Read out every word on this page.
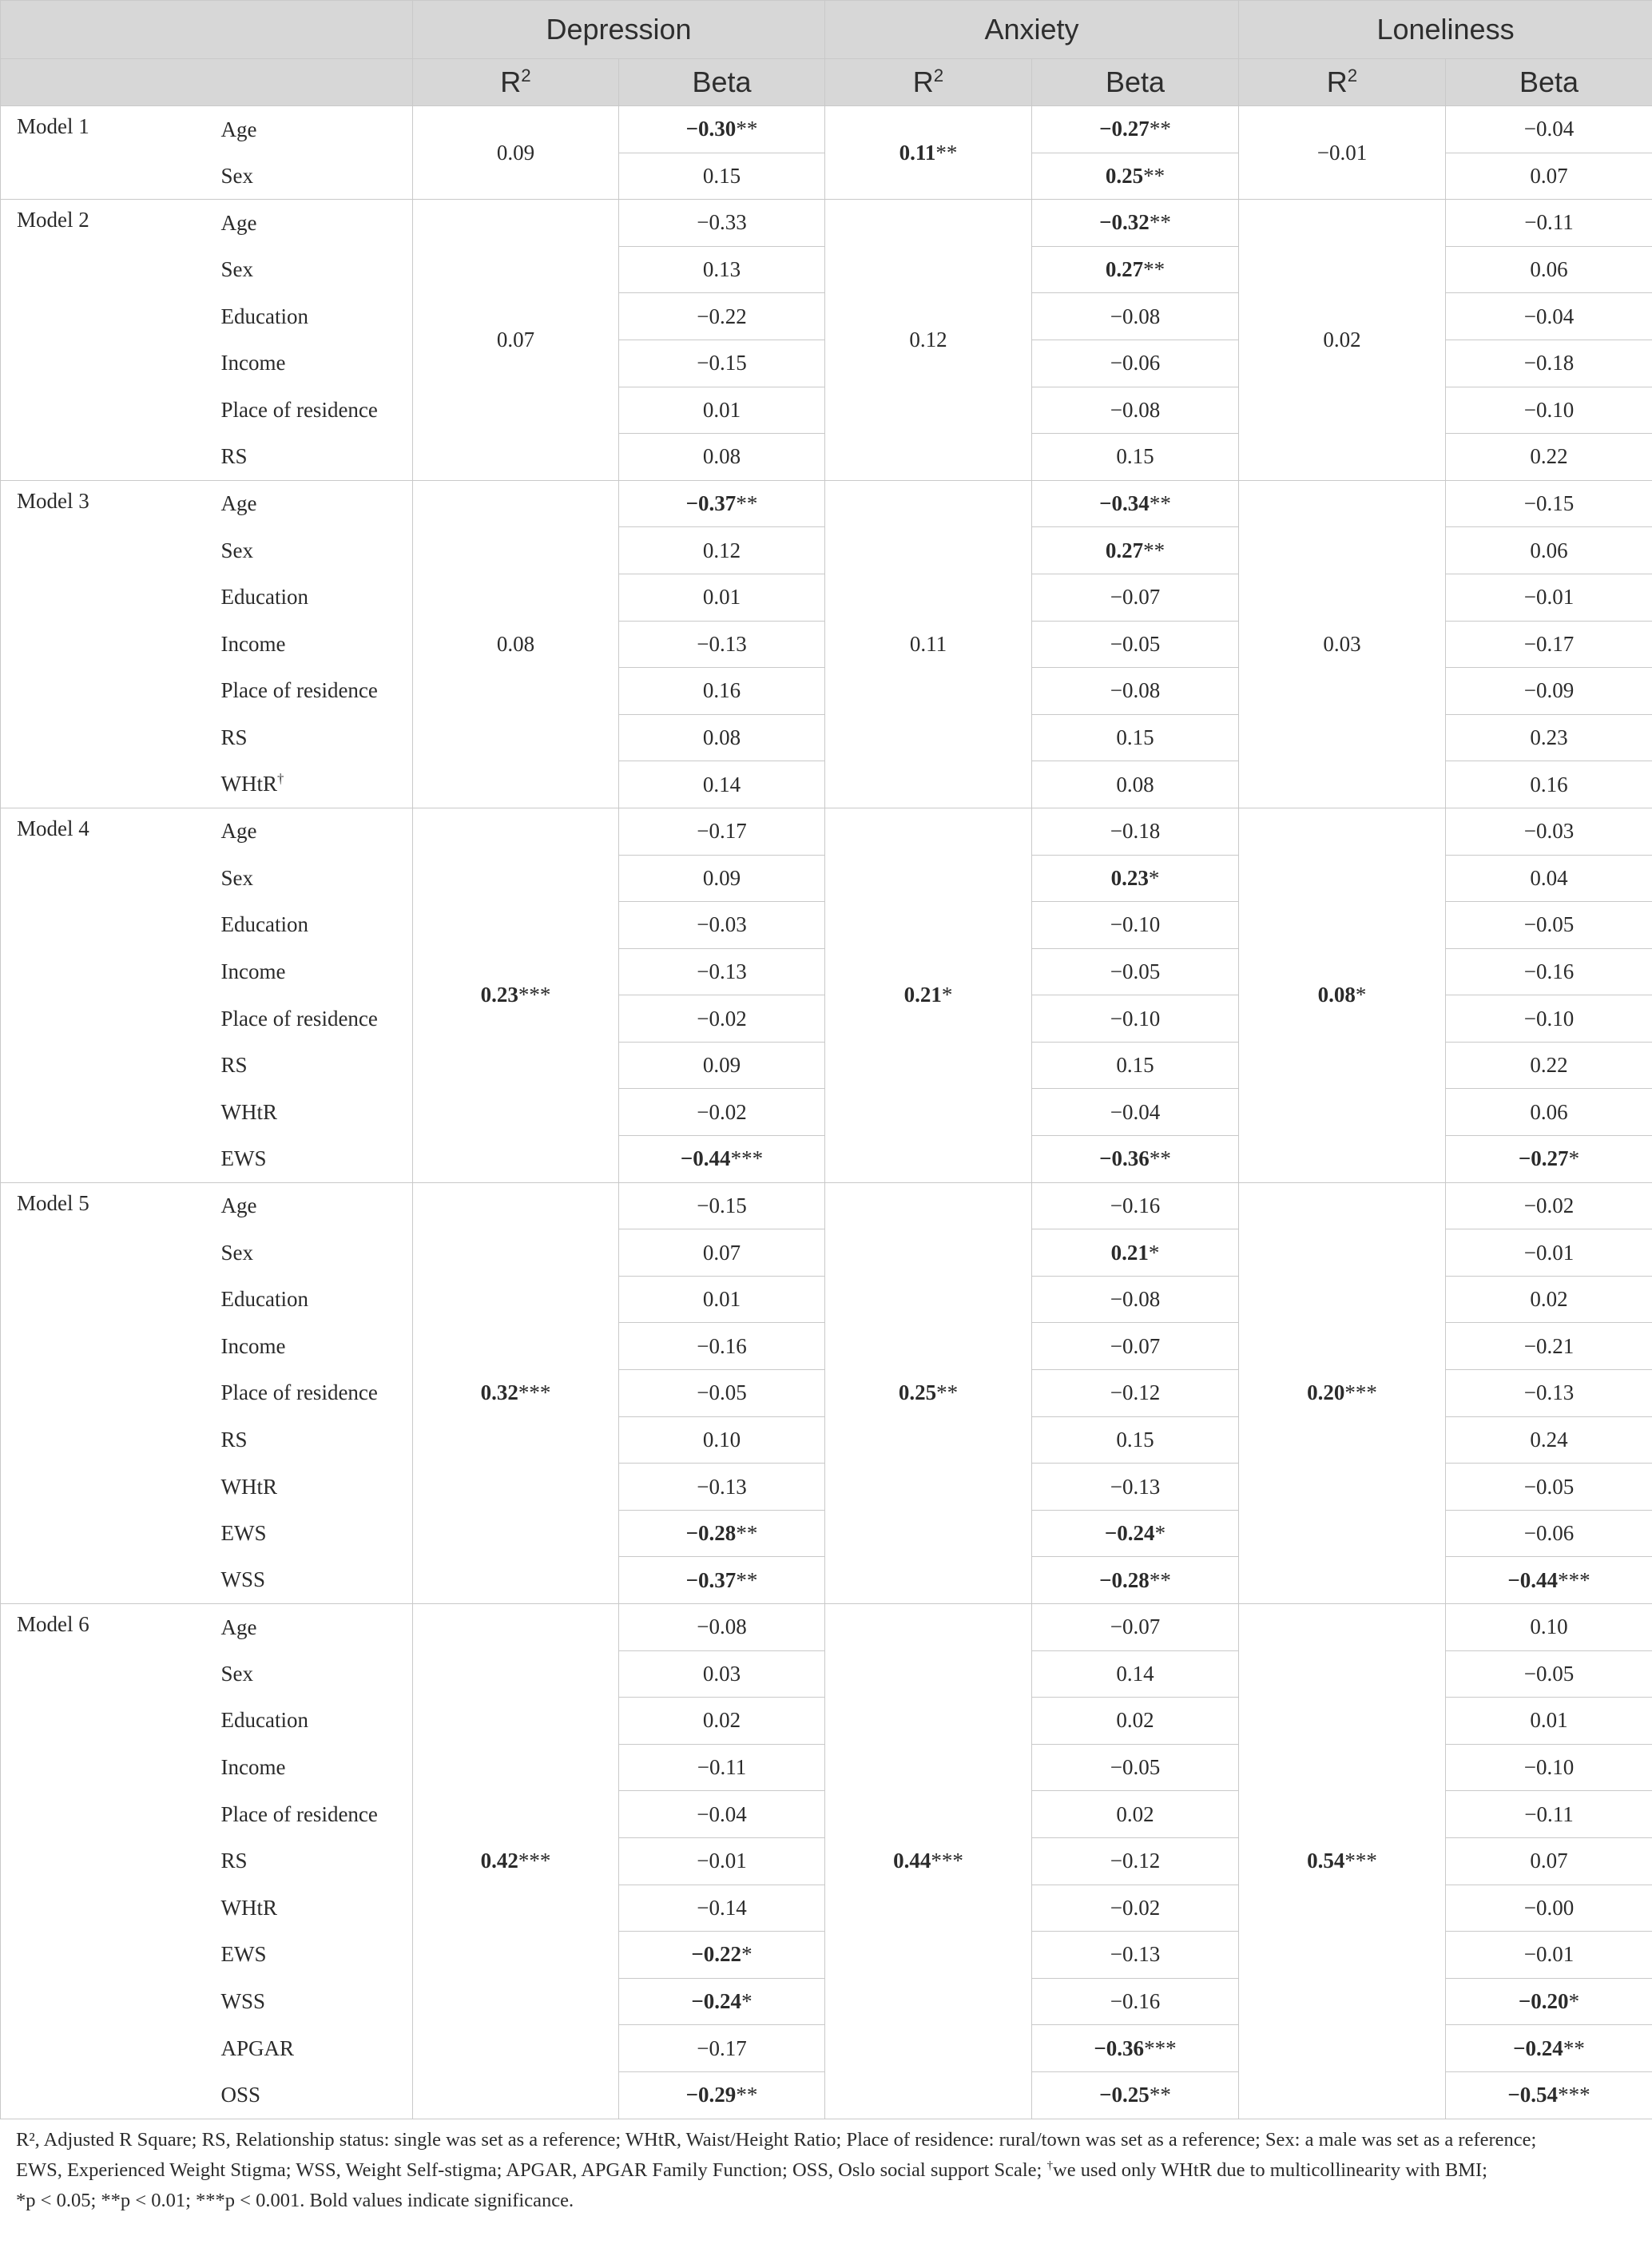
		Depression		Anxiety		Loneliness	
		$R^2$	Beta	$R^2$	Beta	$R^2$	Beta
Model 1	Age	0.09	−0.30**	0.11**	−0.27**	−0.01	−0.04
	Sex		0.15		0.25**		0.07
Model 2	Age	0.07	−0.33	0.12	−0.32**	0.02	−0.11
	Sex		0.13		0.27**		0.06
	Education		−0.22		−0.08		−0.04
	Income		−0.15		−0.06		−0.18
	Place of residence		0.01		−0.08		−0.10
	RS		0.08		0.15		0.22
Model 3	Age	0.08	−0.37**	0.11	−0.34**	0.03	−0.15
	Sex		0.12		0.27**		0.06
	Education		0.01		−0.07		−0.01
	Income		−0.13		−0.05		−0.17
	Place of residence		0.16		−0.08		−0.09
	RS		0.08		0.15		0.23
	WHtR†		0.14		0.08		0.16
Model 4	Age	0.23***	−0.17	0.21*	−0.18	0.08*	−0.03
	Sex		0.09		0.23*		0.04
	Education		−0.03		−0.10		−0.05
	Income		−0.13		−0.05		−0.16
	Place of residence		−0.02		−0.10		−0.10
	RS		0.09		0.15		0.22
	WHtR		−0.02		−0.04		0.06
	EWS		−0.44***		−0.36**		−0.27*
Model 5	Age	0.32***	−0.15	0.25**	−0.16	0.20***	−0.02
	Sex		0.07		0.21*		−0.01
	Education		0.01		−0.08		0.02
	Income		−0.16		−0.07		−0.21
	Place of residence		−0.05		−0.12		−0.13
	RS		0.10		0.15		0.24
	WHtR		−0.13		−0.13		−0.05
	EWS		−0.28**		−0.24*		−0.06
	WSS		−0.37**		−0.28**		−0.44***
Model 6	Age	0.42***	−0.08	0.44***	−0.07	0.54***	0.10
	Sex		0.03		0.14		−0.05
	Education		0.02		0.02		0.01
	Income		−0.11		−0.05		−0.10
	Place of residence		−0.04		0.02		−0.11
	RS		−0.01		−0.12		0.07
	WHtR		−0.14		−0.02		−0.00
	EWS		−0.22*		−0.13		−0.01
	WSS		−0.24*		−0.16		−0.20*
	APGAR		−0.17		−0.36***		−0.24**
	OSS		−0.29**		−0.25**		−0.54***
R², Adjusted R Square; RS, Relationship status: single was set as a reference; WHtR, Waist/Height Ratio; Place of residence: rural/town was set as a reference; Sex: a male was set as a reference;
EWS, Experienced Weight Stigma; WSS, Weight Self-stigma; APGAR, APGAR Family Function; OSS, Oslo social support Scale; †we used only WHtR due to multicollinearity with BMI;
*p < 0.05; **p < 0.01; ***p < 0.001. Bold values indicate significance.
